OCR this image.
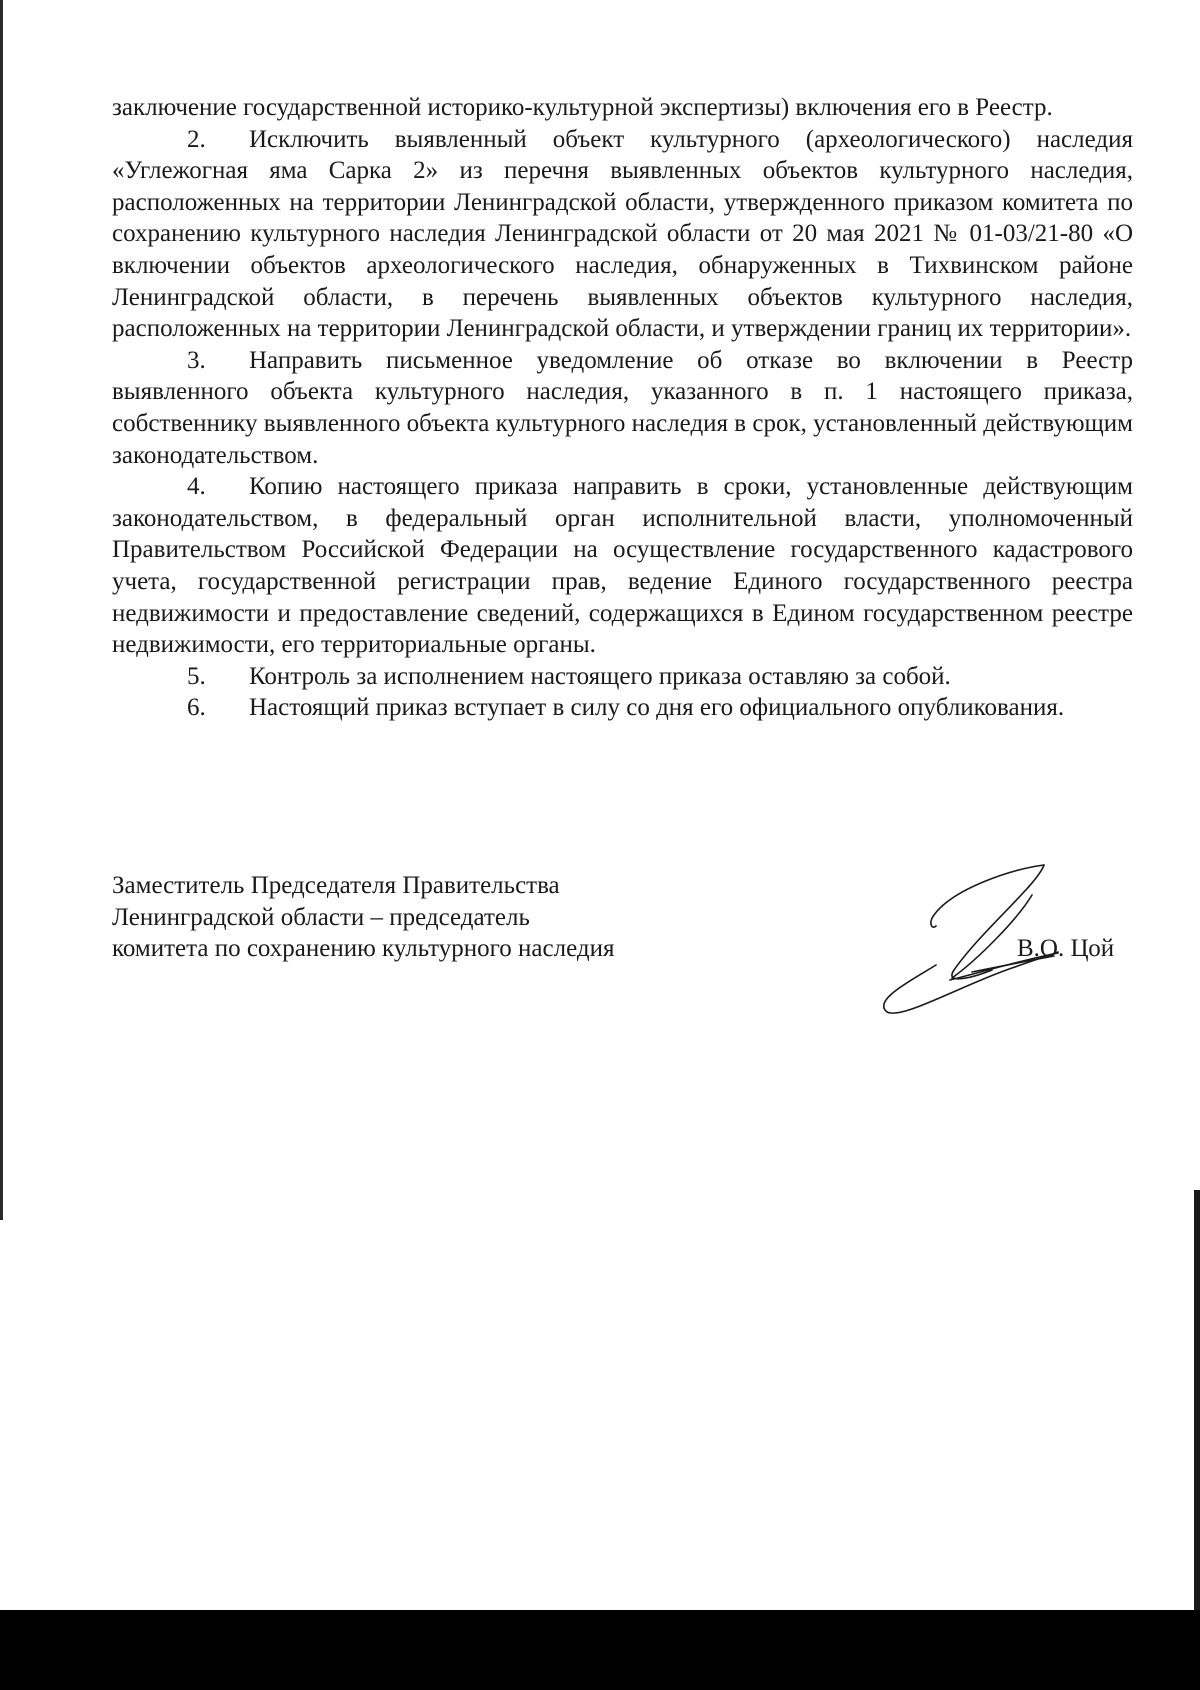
заключение государственной историко-культурной экспертизы) включения его в Реестр.

2. Исключить выявленный объект культурного (археологического) наследия «Углежогная яма Сарка 2» из перечня выявленных объектов культурного наследия, расположенных на территории Ленинградской области, утвержденного приказом комитета по сохранению культурного наследия Ленинградской области от 20 мая 2021 № 01-03/21-80 «О включении объектов археологического наследия, обнаруженных в Тихвинском районе Ленинградской области, в перечень выявленных объектов культурного наследия, расположенных на территории Ленинградской области, и утверждении границ их территории».

3. Направить письменное уведомление об отказе во включении в Реестр выявленного объекта культурного наследия, указанного в п. 1 настоящего приказа, собственнику выявленного объекта культурного наследия в срок, установленный действующим законодательством.

4. Копию настоящего приказа направить в сроки, установленные действующим законодательством, в федеральный орган исполнительной власти, уполномоченный Правительством Российской Федерации на осуществление государственного кадастрового учета, государственной регистрации прав, ведение Единого государственного реестра недвижимости и предоставление сведений, содержащихся в Едином государственном реестре недвижимости, его территориальные органы.

5. Контроль за исполнением настоящего приказа оставляю за собой.

6. Настоящий приказ вступает в силу со дня его официального опубликования.

Заместитель Председателя Правительства
Ленинградской области – председатель
комитета по сохранению культурного наследия	В.О. Цой
